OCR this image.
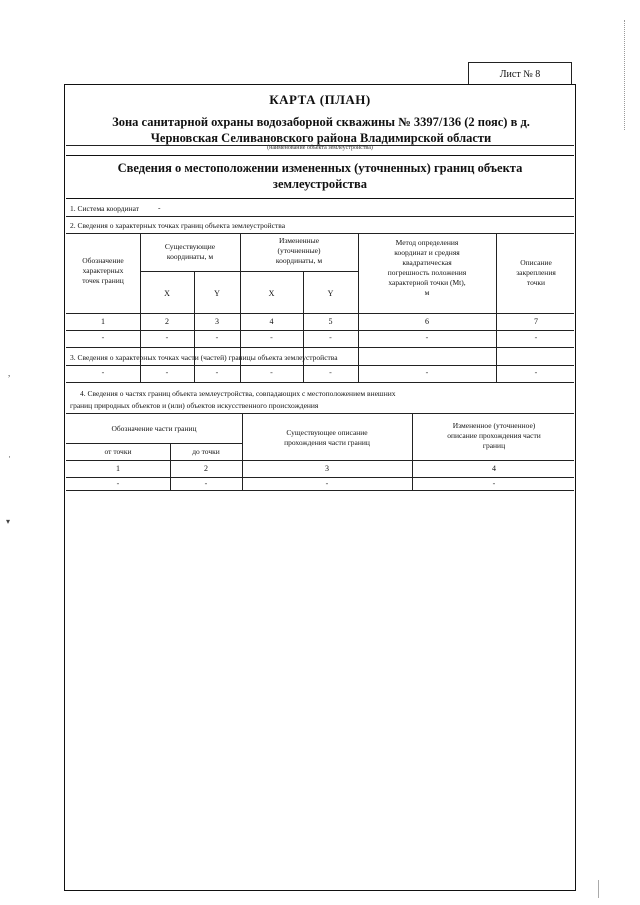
Лист № 8
КАРТА (ПЛАН)
Зона санитарной охраны водозаборной скважины № 3397/136 (2 пояс) в д.
Черновская Селивановского района Владимирской области
(наименование объекта землеустройства)
Сведения о местоположении измененных (уточненных) границ объекта
землеустройства
1. Система координат	-
2. Сведения о характерных точках границ объекта землеустройства
Обозначение
характерных
точек границ
Существующие
координаты, м
Измененные
(уточненные)
координаты, м
Метод определения
координат и средняя
квадратическая
погрешность положения
характерной точки (Mt),
м
Описание
закрепления
точки
X	Y	X	Y
1	2	3	4	5	6	7
-	-	-	-	-	-	-
3. Сведения о характерных точках части (частей) границы объекта землеустройства
-	-	-	-	-	-	-
4. Сведения о частях границ объекта землеустройства, совпадающих с местоположением внешних
границ природных объектов и (или) объектов искусственного происхождения
Обозначение части границ
от точки	до точки
Существующее описание
прохождения части границ
Измененное (уточненное)
описание прохождения части
границ
1	2	3	4
-	-	-	-
,
·
▾
